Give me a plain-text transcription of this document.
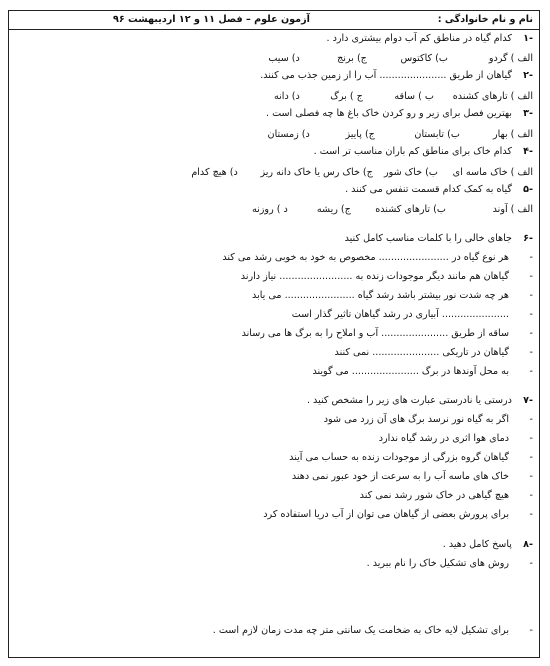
نام و نام خانوادگی :
آزمون علوم – فصل ۱۱ و ۱۲ اردیبهشت ۹۶
-۱ کدام گیاه در مناطق کم آب دوام بیشتری دارد .
الف ) گردو ب) کاکتوس ج) برنج د) سیب
-۲ گیاهان از طریق ...................... آب را از زمین جذب می کنند.
الف ) تارهای کشنده ب ) ساقه ج ) برگ د) دانه
-۳ بهترین فصل برای زیر و رو کردن خاک باغ ها چه فصلی است .
الف ) بهار ب) تابستان ج) پاییز د) زمستان
-۴ کدام خاک برای مناطق کم باران مناسب تر است .
الف ) خاک ماسه ای ب) خاک شور ج) خاک رس یا خاک دانه ریز د) هیچ کدام
-۵ گیاه به کمک کدام قسمت تنفس می کنند .
الف ) آوند ب) تارهای کشنده ج) ریشه د ) روزنه
-۶ جاهای خالی را با کلمات مناسب کامل کنید
-هر نوع گیاه در ....................... مخصوص به خود به خوبی رشد می کند
-گیاهان هم مانند دیگر موجودات زنده به ........................ نیاز دارند
-هر چه شدت نور بیشتر باشد رشد گیاه ....................... می یابد
-...................... آبیاری در رشد گیاهان تاثیر گذار است
-ساقه از طریق ...................... آب و املاح را به برگ ها می رساند
-گیاهان در تاریکی ...................... نمی کنند
-به محل آوندها در برگ ...................... می گویند
-۷ درستی یا نادرستی عبارت های زیر را مشخص کنید .
-اگر به گیاه نور نرسد برگ های آن زرد می شود
-دمای هوا اثری در رشد گیاه ندارد
-گیاهان گروه بزرگی از موجودات زنده به حساب می آیند
-خاک های ماسه آب را به سرعت از خود عبور نمی دهند
-هیچ گیاهی در خاک شور رشد نمی کند
-برای پرورش بعضی از گیاهان می توان از آب دریا استفاده کرد
-۸ پاسخ کامل دهید .
-روش های تشکیل خاک را نام ببرید .
-برای تشکیل لایه خاک به ضخامت یک سانتی متر چه مدت زمان لازم است .
